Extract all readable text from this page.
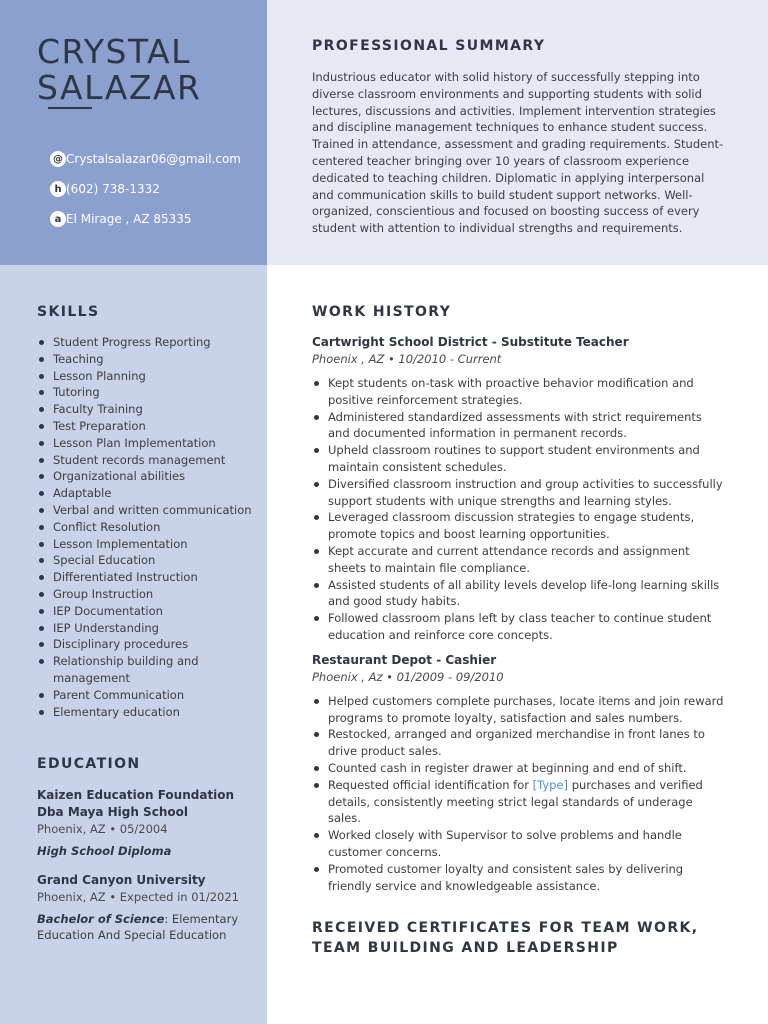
CRYSTAL
SALAZAR
@ Crystalsalazar06@gmail.com
h (602) 738-1332
a El Mirage , AZ 85335
PROFESSIONAL SUMMARY
Industrious educator with solid history of successfully stepping into diverse classroom environments and supporting students with solid lectures, discussions and activities. Implement intervention strategies and discipline management techniques to enhance student success. Trained in attendance, assessment and grading requirements. Student-centered teacher bringing over 10 years of classroom experience dedicated to teaching children. Diplomatic in applying interpersonal and communication skills to build student support networks. Well-organized, conscientious and focused on boosting success of every student with attention to individual strengths and requirements.
SKILLS
Student Progress Reporting
Teaching
Lesson Planning
Tutoring
Faculty Training
Test Preparation
Lesson Plan Implementation
Student records management
Organizational abilities
Adaptable
Verbal and written communication
Conflict Resolution
Lesson Implementation
Special Education
Differentiated Instruction
Group Instruction
IEP Documentation
IEP Understanding
Disciplinary procedures
Relationship building and management
Parent Communication
Elementary education
EDUCATION
Kaizen Education Foundation Dba Maya High School
Phoenix, AZ • 05/2004
High School Diploma
Grand Canyon University
Phoenix, AZ • Expected in 01/2021
Bachelor of Science: Elementary Education And Special Education
WORK HISTORY
Cartwright School District - Substitute Teacher
Phoenix , AZ • 10/2010 - Current
Kept students on-task with proactive behavior modification and positive reinforcement strategies.
Administered standardized assessments with strict requirements and documented information in permanent records.
Upheld classroom routines to support student environments and maintain consistent schedules.
Diversified classroom instruction and group activities to successfully support students with unique strengths and learning styles.
Leveraged classroom discussion strategies to engage students, promote topics and boost learning opportunities.
Kept accurate and current attendance records and assignment sheets to maintain file compliance.
Assisted students of all ability levels develop life-long learning skills and good study habits.
Followed classroom plans left by class teacher to continue student education and reinforce core concepts.
Restaurant Depot - Cashier
Phoenix , Az • 01/2009 - 09/2010
Helped customers complete purchases, locate items and join reward programs to promote loyalty, satisfaction and sales numbers.
Restocked, arranged and organized merchandise in front lanes to drive product sales.
Counted cash in register drawer at beginning and end of shift.
Requested official identification for [Type] purchases and verified details, consistently meeting strict legal standards of underage sales.
Worked closely with Supervisor to solve problems and handle customer concerns.
Promoted customer loyalty and consistent sales by delivering friendly service and knowledgeable assistance.
RECEIVED CERTIFICATES FOR TEAM WORK, TEAM BUILDING AND LEADERSHIP
